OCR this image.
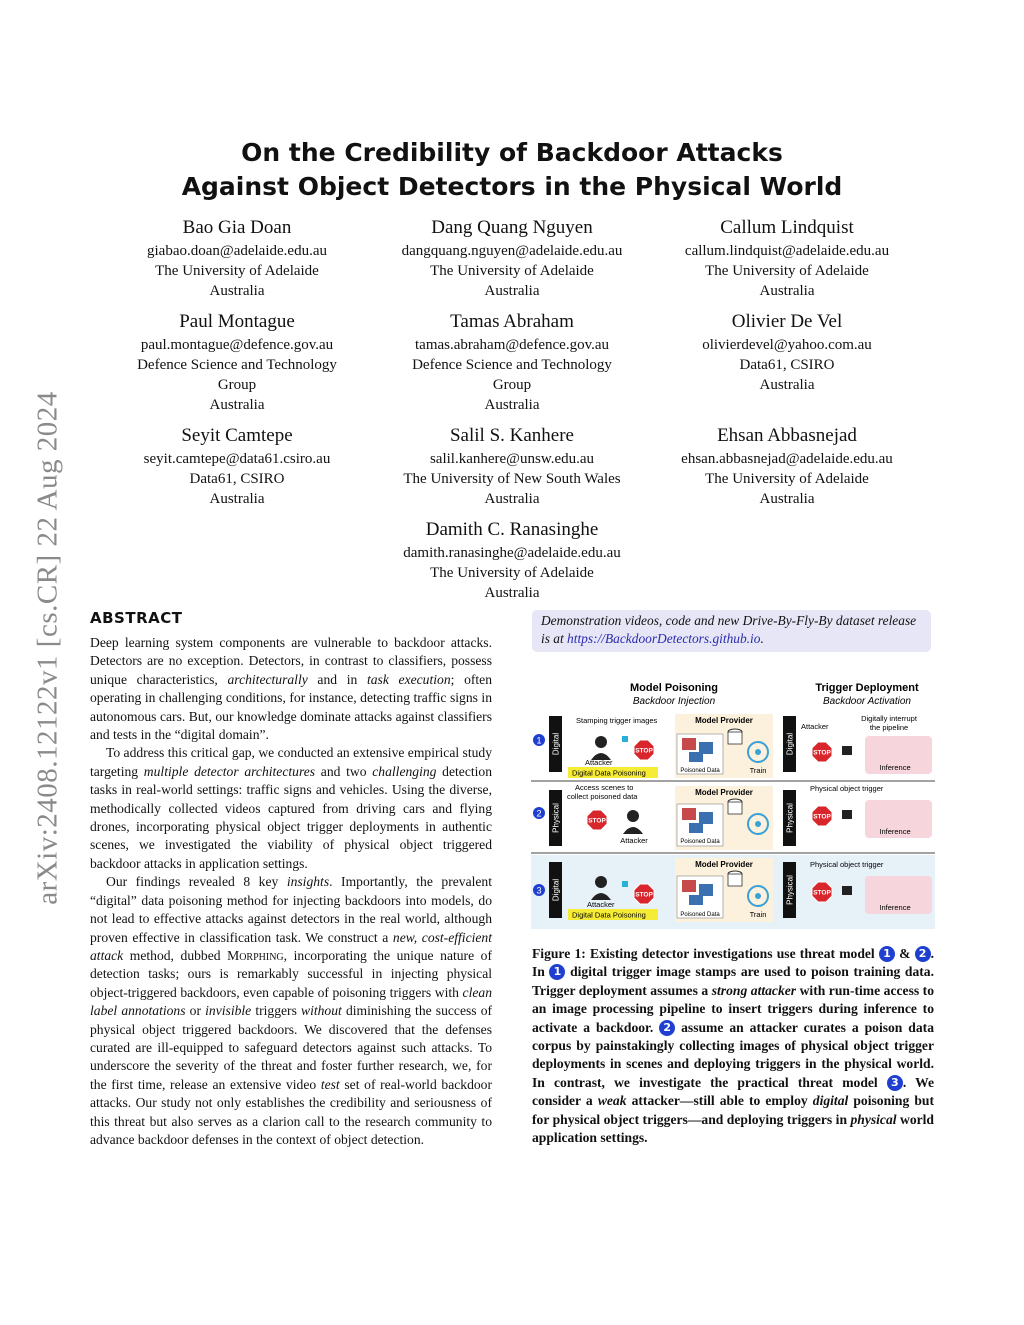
arXiv:2408.12122v1 [cs.CR] 22 Aug 2024
On the Credibility of Backdoor Attacks
Against Object Detectors in the Physical World
Bao Gia Doan
giabao.doan@adelaide.edu.au
The University of Adelaide
Australia
Dang Quang Nguyen
dangquang.nguyen@adelaide.edu.au
The University of Adelaide
Australia
Callum Lindquist
callum.lindquist@adelaide.edu.au
The University of Adelaide
Australia
Paul Montague
paul.montague@defence.gov.au
Defence Science and Technology
Group
Australia
Tamas Abraham
tamas.abraham@defence.gov.au
Defence Science and Technology
Group
Australia
Olivier De Vel
olivierdevel@yahoo.com.au
Data61, CSIRO
Australia
Seyit Camtepe
seyit.camtepe@data61.csiro.au
Data61, CSIRO
Australia
Salil S. Kanhere
salil.kanhere@unsw.edu.au
The University of New South Wales
Australia
Ehsan Abbasnejad
ehsan.abbasnejad@adelaide.edu.au
The University of Adelaide
Australia
Damith C. Ranasinghe
damith.ranasinghe@adelaide.edu.au
The University of Adelaide
Australia
ABSTRACT

Deep learning system components are vulnerable to backdoor attacks. Detectors are no exception. Detectors, in contrast to classifiers, possess unique characteristics, architecturally and in task execution; often operating in challenging conditions, for instance, detecting traffic signs in autonomous cars. But, our knowledge dominate attacks against classifiers and tests in the “digital domain”.

To address this critical gap, we conducted an extensive empirical study targeting multiple detector architectures and two challenging detection tasks in real-world settings: traffic signs and vehicles. Using the diverse, methodically collected videos captured from driving cars and flying drones, incorporating physical object trigger deployments in authentic scenes, we investigated the viability of physical object triggered backdoor attacks in application settings.

Our findings revealed 8 key insights. Importantly, the prevalent “digital” data poisoning method for injecting backdoors into models, do not lead to effective attacks against detectors in the real world, although proven effective in classification task. We construct a new, cost-efficient attack method, dubbed Morphing, incorporating the unique nature of detection tasks; ours is remarkably successful in injecting physical object-triggered backdoors, even capable of poisoning triggers with clean label annotations or invisible triggers without diminishing the success of physical object triggered backdoors. We discovered that the defenses curated are ill-equipped to safeguard detectors against such attacks. To underscore the severity of the threat and foster further research, we, for the first time, release an extensive video test set of real-world backdoor attacks. Our study not only establishes the credibility and seriousness of this threat but also serves as a clarion call to the research community to advance backdoor defenses in the context of object detection.

Demonstration videos, code and new Drive-By-Fly-By dataset release is at https://BackdoorDetectors.github.io.
Model Poisoning
Backdoor Injection
Trigger Deployment
Backdoor Activation
1 Digital
Stamping trigger images
STOP
Attacker
Digital Data Poisoning
Model Provider
Poisoned Data	Train
Digital
Attacker
Digitally interrupt
the pipeline
STOP
Inference
2 Physical
Access scenes to
collect poisoned data
STOP
Attacker
Model Provider
Poisoned Data
Physical
Physical object trigger
STOP
Inference
3 Digital	STOP
Attacker
Digital Data Poisoning
Model Provider
Poisoned Data	Train
Physical
Physical object trigger
STOP
Inference
Figure 1: Existing detector investigations use threat model 1 & 2 . In 1 digital trigger image stamps are used to poison training data. Trigger deployment assumes a strong attacker with run-time access to an image processing pipeline to insert triggers during inference to activate a backdoor. 2 assume an attacker curates a poison data corpus by painstakingly collecting images of physical object trigger deployments in scenes and deploying triggers in the physical world. In contrast, we investigate the practical threat model 3 . We consider a weak attacker—still able to employ digital poisoning but for physical object triggers—and deploying triggers in physical world application settings.
